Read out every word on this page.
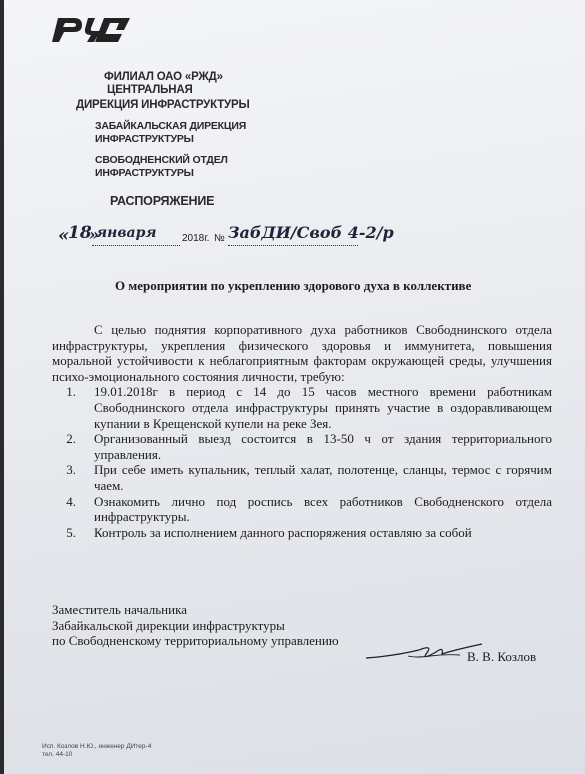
ФИЛИАЛ ОАО «РЖД»
ЦЕНТРАЛЬНАЯ
ДИРЕКЦИЯ ИНФРАСТРУКТУРЫ
ЗАБАЙКАЛЬСКАЯ ДИРЕКЦИЯ
ИНФРАСТРУКТУРЫ
СВОБОДНЕНСКИЙ ОТДЕЛ
ИНФРАСТРУКТУРЫ
РАСПОРЯЖЕНИЕ
«
18
»
января	2018г. № ЗабДИ/Своб 4-2/р
О мероприятии по укреплению здорового духа в коллективе

С целью поднятия корпоративного духа работников Свободнинского отдела инфраструктуры, укрепления физического здоровья и иммунитета, повышения моральной устойчивости к неблагоприятным факторам окружающей среды, улучшения психо-эмоционального состояния личности, требую:

1.	19.01.2018г в период с 14 до 15 часов местного времени работникам Свободнинского отдела инфраструктуры принять участие в оздоравливающем купании в Крещенской купели на реке Зея.
2.	Организованный выезд состоится в 13-50 ч от здания территориального управления.
3.	При себе иметь купальник, теплый халат, полотенце, сланцы, термос с горячим чаем.
4.	Ознакомить лично под роспись всех работников Свободненского отдела инфраструктуры.
5.	Контроль за исполнением данного распоряжения оставляю за собой
Заместитель начальника
Забайкальской дирекции инфраструктуры
по Свободненскому территориальному управлению
В. В. Козлов
Исп. Козлов Н.Ю., инженер ДИтер-4
тел. 44-10
